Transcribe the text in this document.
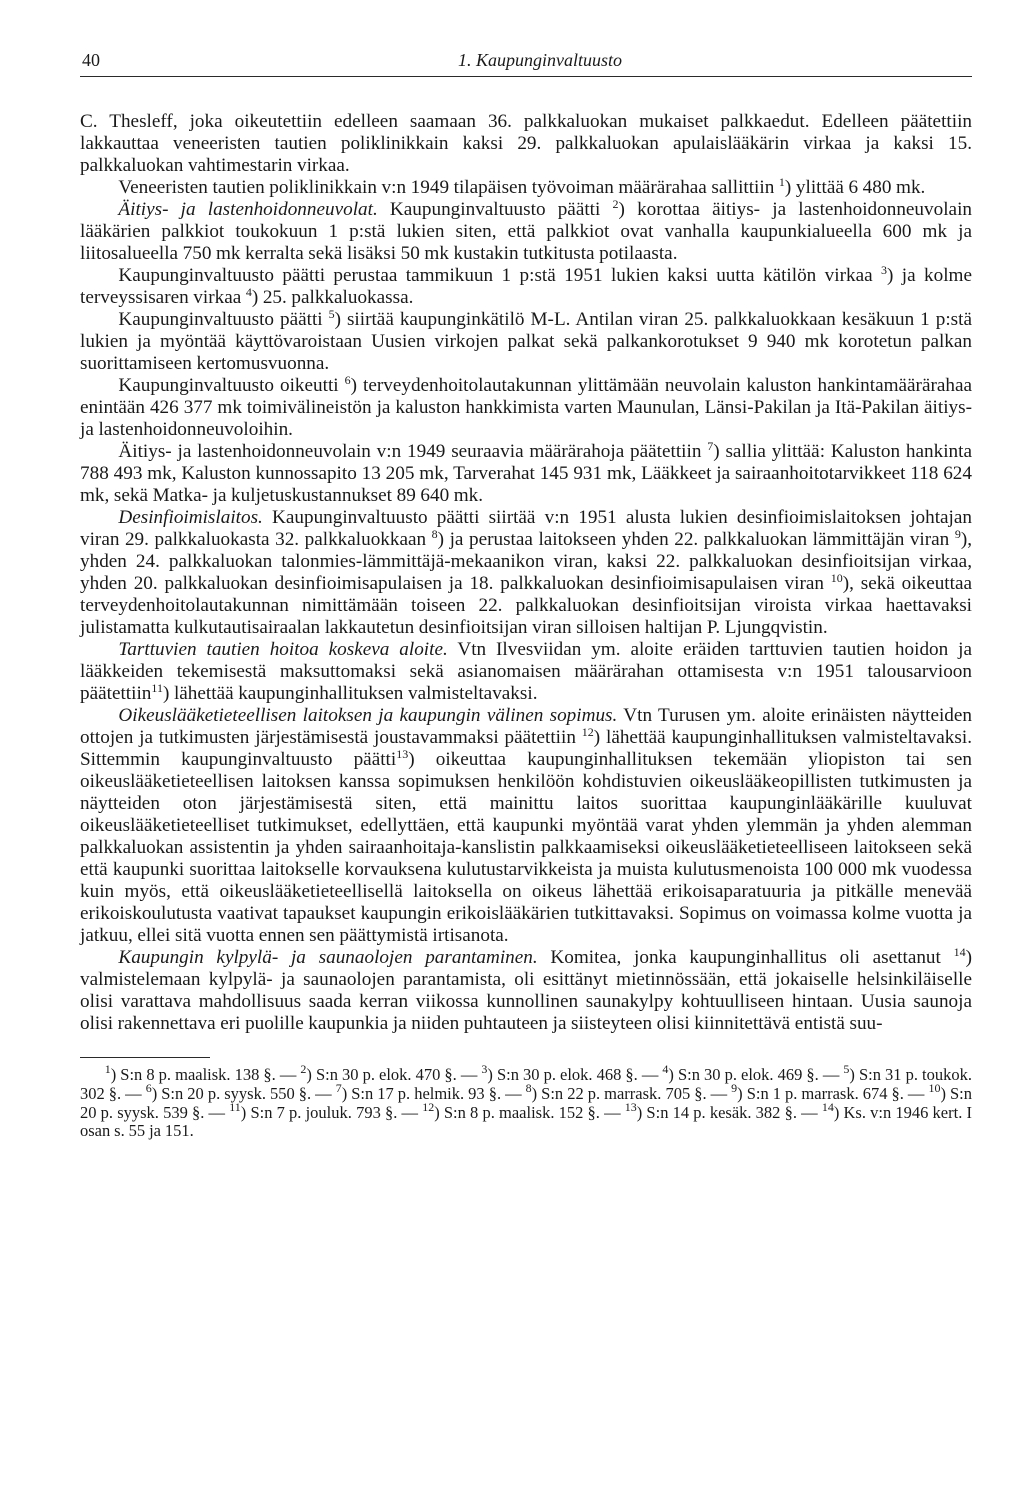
40	1. Kaupunginvaltuusto

C. Thesleff, joka oikeutettiin edelleen saamaan 36. palkkaluokan mukaiset palkkaedut. Edelleen päätettiin lakkauttaa veneeristen tautien poliklinikkain kaksi 29. palkkaluokan apulaislääkärin virkaa ja kaksi 15. palkkaluokan vahtimestarin virkaa.

Veneeristen tautien poliklinikkain v:n 1949 tilapäisen työvoiman määrärahaa sallittiin $^1$) ylittää 6 480 mk.

Äitiys- ja lastenhoidonneuvolat. Kaupunginvaltuusto päätti $^2$) korottaa äitiys- ja lastenhoidonneuvolain lääkärien palkkiot toukokuun 1 p:stä lukien siten, että palkkiot ovat vanhalla kaupunkialueella 600 mk ja liitosalueella 750 mk kerralta sekä lisäksi 50 mk kustakin tutkitusta potilaasta.

Kaupunginvaltuusto päätti perustaa tammikuun 1 p:stä 1951 lukien kaksi uutta kätilön virkaa $^3$) ja kolme terveyssisaren virkaa $^4$) 25. palkkaluokassa.

Kaupunginvaltuusto päätti $^5$) siirtää kaupunginkätilö M-L. Antilan viran 25. palkkaluokkaan kesäkuun 1 p:stä lukien ja myöntää käyttövaroistaan Uusien virkojen palkat sekä palkankorotukset 9 940 mk korotetun palkan suorittamiseen kertomusvuonna.

Kaupunginvaltuusto oikeutti $^6$) terveydenhoitolautakunnan ylittämään neuvolain kaluston hankintamäärärahaa enintään 426 377 mk toimivälineistön ja kaluston hankkimista varten Maunulan, Länsi-Pakilan ja Itä-Pakilan äitiys- ja lastenhoidonneuvoloihin.

Äitiys- ja lastenhoidonneuvolain v:n 1949 seuraavia määrärahoja päätettiin $^7$) sallia ylittää: Kaluston hankinta 788 493 mk, Kaluston kunnossapito 13 205 mk, Tarverahat 145 931 mk, Lääkkeet ja sairaanhoitotarvikkeet 118 624 mk, sekä Matka- ja kuljetuskustannukset 89 640 mk.

Desinfioimislaitos. Kaupunginvaltuusto päätti siirtää v:n 1951 alusta lukien desinfioimislaitoksen johtajan viran 29. palkkaluokasta 32. palkkaluokkaan $^8$) ja perustaa laitokseen yhden 22. palkkaluokan lämmittäjän viran $^9$), yhden 24. palkkaluokan talonmies-lämmittäjä-mekaanikon viran, kaksi 22. palkkaluokan desinfioitsijan virkaa, yhden 20. palkkaluokan desinfioimisapulaisen ja 18. palkkaluokan desinfioimisapulaisen viran $^{10}$), sekä oikeuttaa terveydenhoitolautakunnan nimittämään toiseen 22. palkkaluokan desinfioitsijan viroista virkaa haettavaksi julistamatta kulkutautisairaalan lakkautetun desinfioitsijan viran silloisen haltijan P. Ljungqvistin.

Tarttuvien tautien hoitoa koskeva aloite. Vtn Ilvesviidan ym. aloite eräiden tarttuvien tautien hoidon ja lääkkeiden tekemisestä maksuttomaksi sekä asianomaisen määrärahan ottamisesta v:n 1951 talousarvioon päätettiin$^{11}$) lähettää kaupunginhallituksen valmisteltavaksi.

Oikeuslääketieteellisen laitoksen ja kaupungin välinen sopimus. Vtn Turusen ym. aloite erinäisten näytteiden ottojen ja tutkimusten järjestämisestä joustavammaksi päätettiin $^{12}$) lähettää kaupunginhallituksen valmisteltavaksi. Sittemmin kaupunginvaltuusto päätti$^{13}$) oikeuttaa kaupunginhallituksen tekemään yliopiston tai sen oikeuslääketieteellisen laitoksen kanssa sopimuksen henkilöön kohdistuvien oikeuslääkeopillisten tutkimusten ja näytteiden oton järjestämisestä siten, että mainittu laitos suorittaa kaupunginlääkärille kuuluvat oikeuslääketieteelliset tutkimukset, edellyttäen, että kaupunki myöntää varat yhden ylemmän ja yhden alemman palkkaluokan assistentin ja yhden sairaanhoitaja-kanslistin palkkaamiseksi oikeuslääketieteelliseen laitokseen sekä että kaupunki suorittaa laitokselle korvauksena kulutustarvikkeista ja muista kulutusmenoista 100 000 mk vuodessa kuin myös, että oikeuslääketieteellisellä laitoksella on oikeus lähettää erikoisaparatuuria ja pitkälle menevää erikoiskoulutusta vaativat tapaukset kaupungin erikoislääkärien tutkittavaksi. Sopimus on voimassa kolme vuotta ja jatkuu, ellei sitä vuotta ennen sen päättymistä irtisanota.

Kaupungin kylpylä- ja saunaolojen parantaminen. Komitea, jonka kaupunginhallitus oli asettanut $^{14}$) valmistelemaan kylpylä- ja saunaolojen parantamista, oli esittänyt mietinnössään, että jokaiselle helsinkiläiselle olisi varattava mahdollisuus saada kerran viikossa kunnollinen saunakylpy kohtuulliseen hintaan. Uusia saunoja olisi rakennettava eri puolille kaupunkia ja niiden puhtauteen ja siisteyteen olisi kiinnitettävä entistä suu-

$^1$) S:n 8 p. maalisk. 138 §. — $^2$) S:n 30 p. elok. 470 §. — $^3$) S:n 30 p. elok. 468 §. — $^4$) S:n 30 p. elok. 469 §. — $^5$) S:n 31 p. toukok. 302 §. — $^6$) S:n 20 p. syysk. 550 §. — $^7$) S:n 17 p. helmik. 93 §. — $^8$) S:n 22 p. marrask. 705 §. — $^9$) S:n 1 p. marrask. 674 §. — $^{10}$) S:n 20 p. syysk. 539 §. — $^{11}$) S:n 7 p. jouluk. 793 §. — $^{12}$) S:n 8 p. maalisk. 152 §. — $^{13}$) S:n 14 p. kesäk. 382 §. — $^{14}$) Ks. v:n 1946 kert. I osan s. 55 ja 151.
